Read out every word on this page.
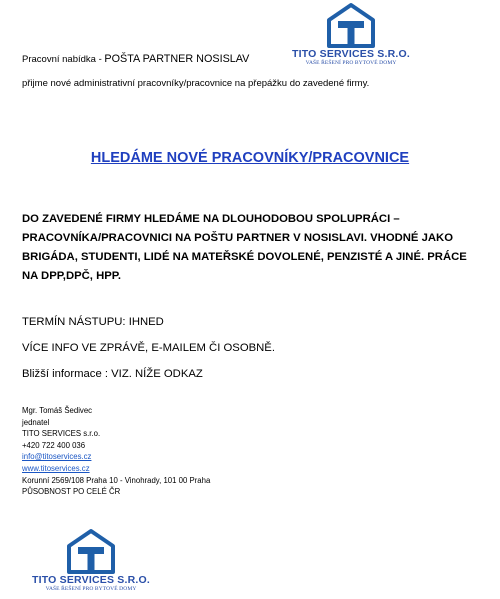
TITO SERVICES S.R.O.
VAŠE ŘEŠENÍ PRO BYTOVÉ DOMY
Pracovní nabídka - POŠTA PARTNER NOSISLAV
přijme nové administrativní pracovníky/pracovnice na přepážku do zavedené firmy.
HLEDÁME NOVÉ PRACOVNÍKY/PRACOVNICE
DO ZAVEDENÉ FIRMY HLEDÁME NA DLOUHODOBOU SPOLUPRÁCI –
PRACOVNÍKA/PRACOVNICI NA POŠTU PARTNER V NOSISLAVI. VHODNÉ JAKO
BRIGÁDA, STUDENTI, LIDÉ NA MATEŘSKÉ DOVOLENÉ, PENZISTÉ A JINÉ. PRÁCE
NA DPP,DPČ, HPP.
TERMÍN NÁSTUPU: IHNED
VÍCE INFO VE ZPRÁVĚ, E-MAILEM ČI OSOBNĚ.
Bližší informace : VIZ. NÍŽE ODKAZ
Mgr. Tomáš Šedivec
jednatel
TITO SERVICES s.r.o.
+420 722 400 036
info@titoservices.cz
www.titoservices.cz
Korunní 2569/108 Praha 10 - Vinohrady, 101 00 Praha
PŮSOBNOST PO CELÉ ČR
TITO SERVICES S.R.O.
VAŠE ŘEŠENÍ PRO BYTOVÉ DOMY
